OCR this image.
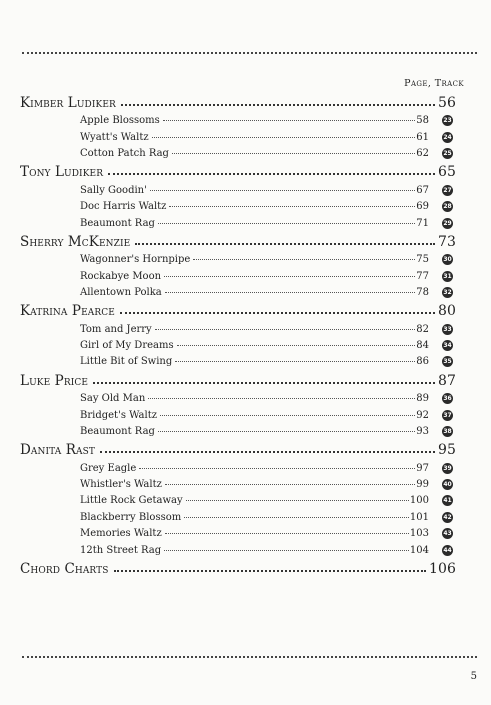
Page, Track
Kimber Ludiker	56
Apple Blossoms	58 23
Wyatt's Waltz	61 24
Cotton Patch Rag	62 25
Tony Ludiker	65
Sally Goodin'	67 27
Doc Harris Waltz	69 28
Beaumont Rag	71 29
Sherry McKenzie	73
Wagonner's Hornpipe	75 30
Rockabye Moon	77 31
Allentown Polka	78 32
Katrina Pearce	80
Tom and Jerry	82 33
Girl of My Dreams	84 34
Little Bit of Swing	86 35
Luke Price	87
Say Old Man	89 36
Bridget's Waltz	92 37
Beaumont Rag	93 38
Danita Rast	95
Grey Eagle	97 39
Whistler's Waltz	99 40
Little Rock Getaway	100 41
Blackberry Blossom	101 42
Memories Waltz	103 43
12th Street Rag	104 44
Chord Charts	106
5
